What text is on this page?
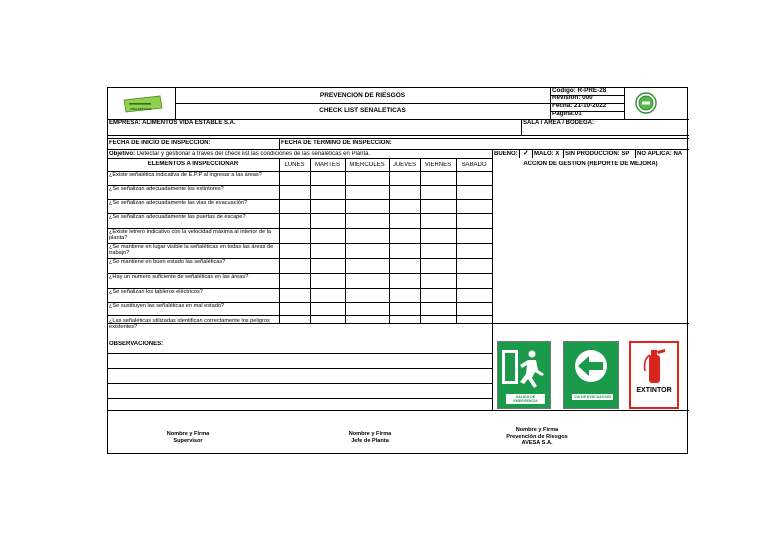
VIDA ESTABLE
PREVENCION DE RIESGOS
CHECK LIST SEÑALETICAS
Codigo: R-PRE-28
Revision: 000
Fecha: 21-10-2022
Pagina:01
EMPRESA: ALIMENTOS VIDA ESTABLE S.A.	SALA / AREA / BODEGA:
FECHA DE INICIO DE INSPECCION:	FECHA DE TERMINO DE INSPECCION:
Objetivo: Detectar y gestionar a traves del check list las condiciones de las señaléticas en Planta.	BUENO: ✓ MALO: X SIN PRODUCCION: SP NO APLICA: NA
ELEMENTOS A INSPECCIONAR	LUNES	MARTES	MIERCOLES	JUEVES	VIERNES	SABADO	ACCION DE GESTION (REPORTE DE MEJORA)
¿Existe señalética indicativa de E.P.P al ingresar a las áreas?
¿Se señalizan adecuadamente los extintores?
¿Se señalizan adecuadamente las vias de evacuación?
¿Se señalizan adecuadamente las puertas de escape?
¿Existe letrero indicativo con la velocidad máxima al interior de la planta?
¿Se mantiene en lugar visible la señaléticas en todas las áreas de trabajo?
¿Se mantiene en buen estado las señaléticas?
¿Hay un numero suficiente de señaléticas en las áreas?
¿Se señalizan los tableros eléctricos?
¿Se sustituyen las señaléticas en mal estado?
¿Las señaléticas utilizadas identifican correctamente los peligros existentes?
OBSERVACIONES:
SALIDA DE EMERGENCIA
VIA DE EVACUACION
EXTINTOR
Nombre y Firma
Supervisor
Nombre y Firma
Jefe de Planta
Nombre y Firma
Prevención de Riesgos
AVESA S.A.
